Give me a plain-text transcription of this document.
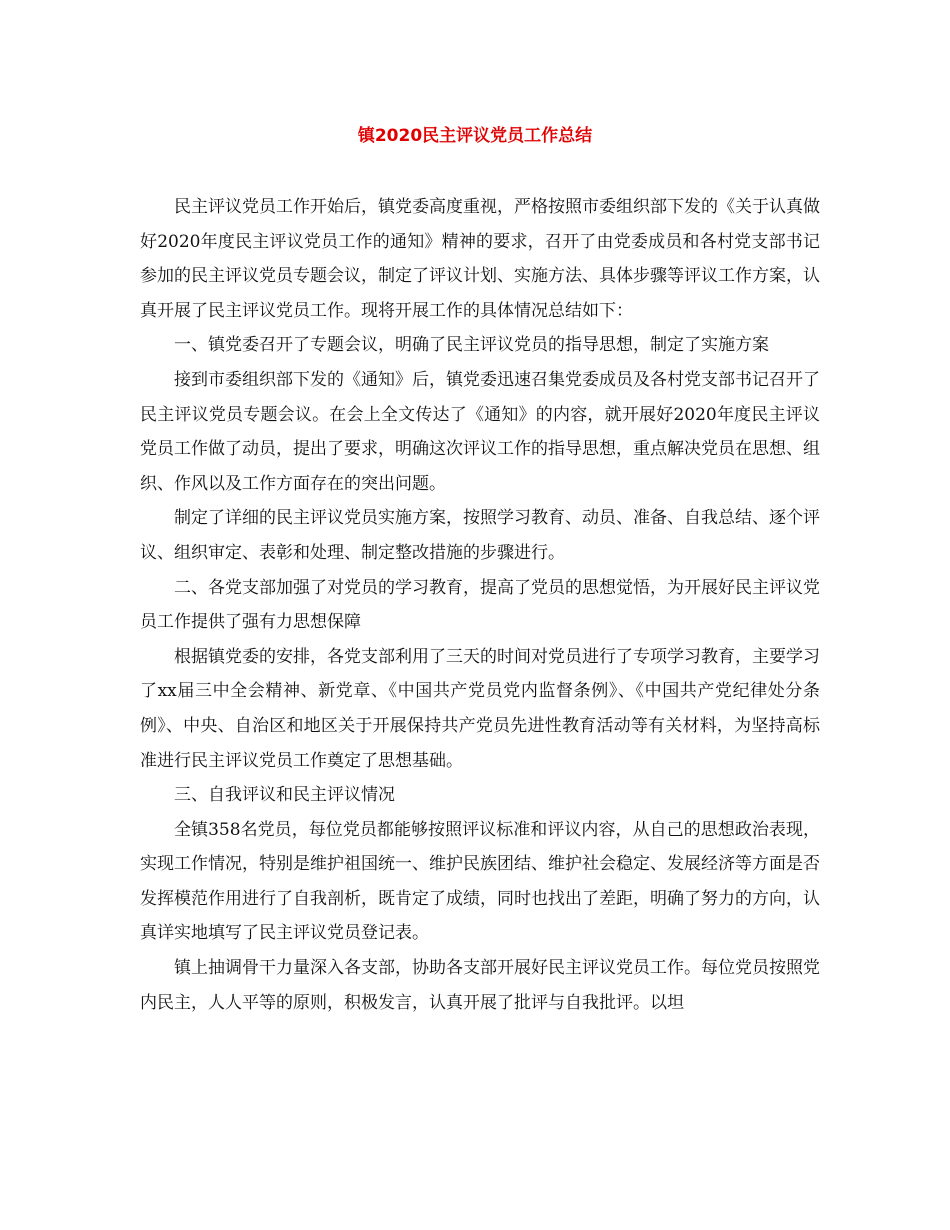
镇2020民主评议党员工作总结

民主评议党员工作开始后，镇党委高度重视，严格按照市委组织部下发的《关于认真做好2020年度民主评议党员工作的通知》精神的要求，召开了由党委成员和各村党支部书记参加的民主评议党员专题会议，制定了评议计划、实施方法、具体步骤等评议工作方案，认真开展了民主评议党员工作。现将开展工作的具体情况总结如下：

一、镇党委召开了专题会议，明确了民主评议党员的指导思想，制定了实施方案

接到市委组织部下发的《通知》后，镇党委迅速召集党委成员及各村党支部书记召开了民主评议党员专题会议。在会上全文传达了《通知》的内容，就开展好2020年度民主评议党员工作做了动员，提出了要求，明确这次评议工作的指导思想，重点解决党员在思想、组织、作风以及工作方面存在的突出问题。

制定了详细的民主评议党员实施方案，按照学习教育、动员、准备、自我总结、逐个评议、组织审定、表彰和处理、制定整改措施的步骤进行。

二、各党支部加强了对党员的学习教育，提高了党员的思想觉悟，为开展好民主评议党员工作提供了强有力思想保障

根据镇党委的安排，各党支部利用了三天的时间对党员进行了专项学习教育，主要学习了xx届三中全会精神、新党章、《中国共产党员党内监督条例》、《中国共产党纪律处分条例》、中央、自治区和地区关于开展保持共产党员先进性教育活动等有关材料，为坚持高标准进行民主评议党员工作奠定了思想基础。

三、自我评议和民主评议情况

全镇358名党员，每位党员都能够按照评议标准和评议内容，从自己的思想政治表现，实现工作情况，特别是维护祖国统一、维护民族团结、维护社会稳定、发展经济等方面是否发挥模范作用进行了自我剖析，既肯定了成绩，同时也找出了差距，明确了努力的方向，认真详实地填写了民主评议党员登记表。

镇上抽调骨干力量深入各支部，协助各支部开展好民主评议党员工作。每位党员按照党内民主，人人平等的原则，积极发言，认真开展了批评与自我批评。以坦
